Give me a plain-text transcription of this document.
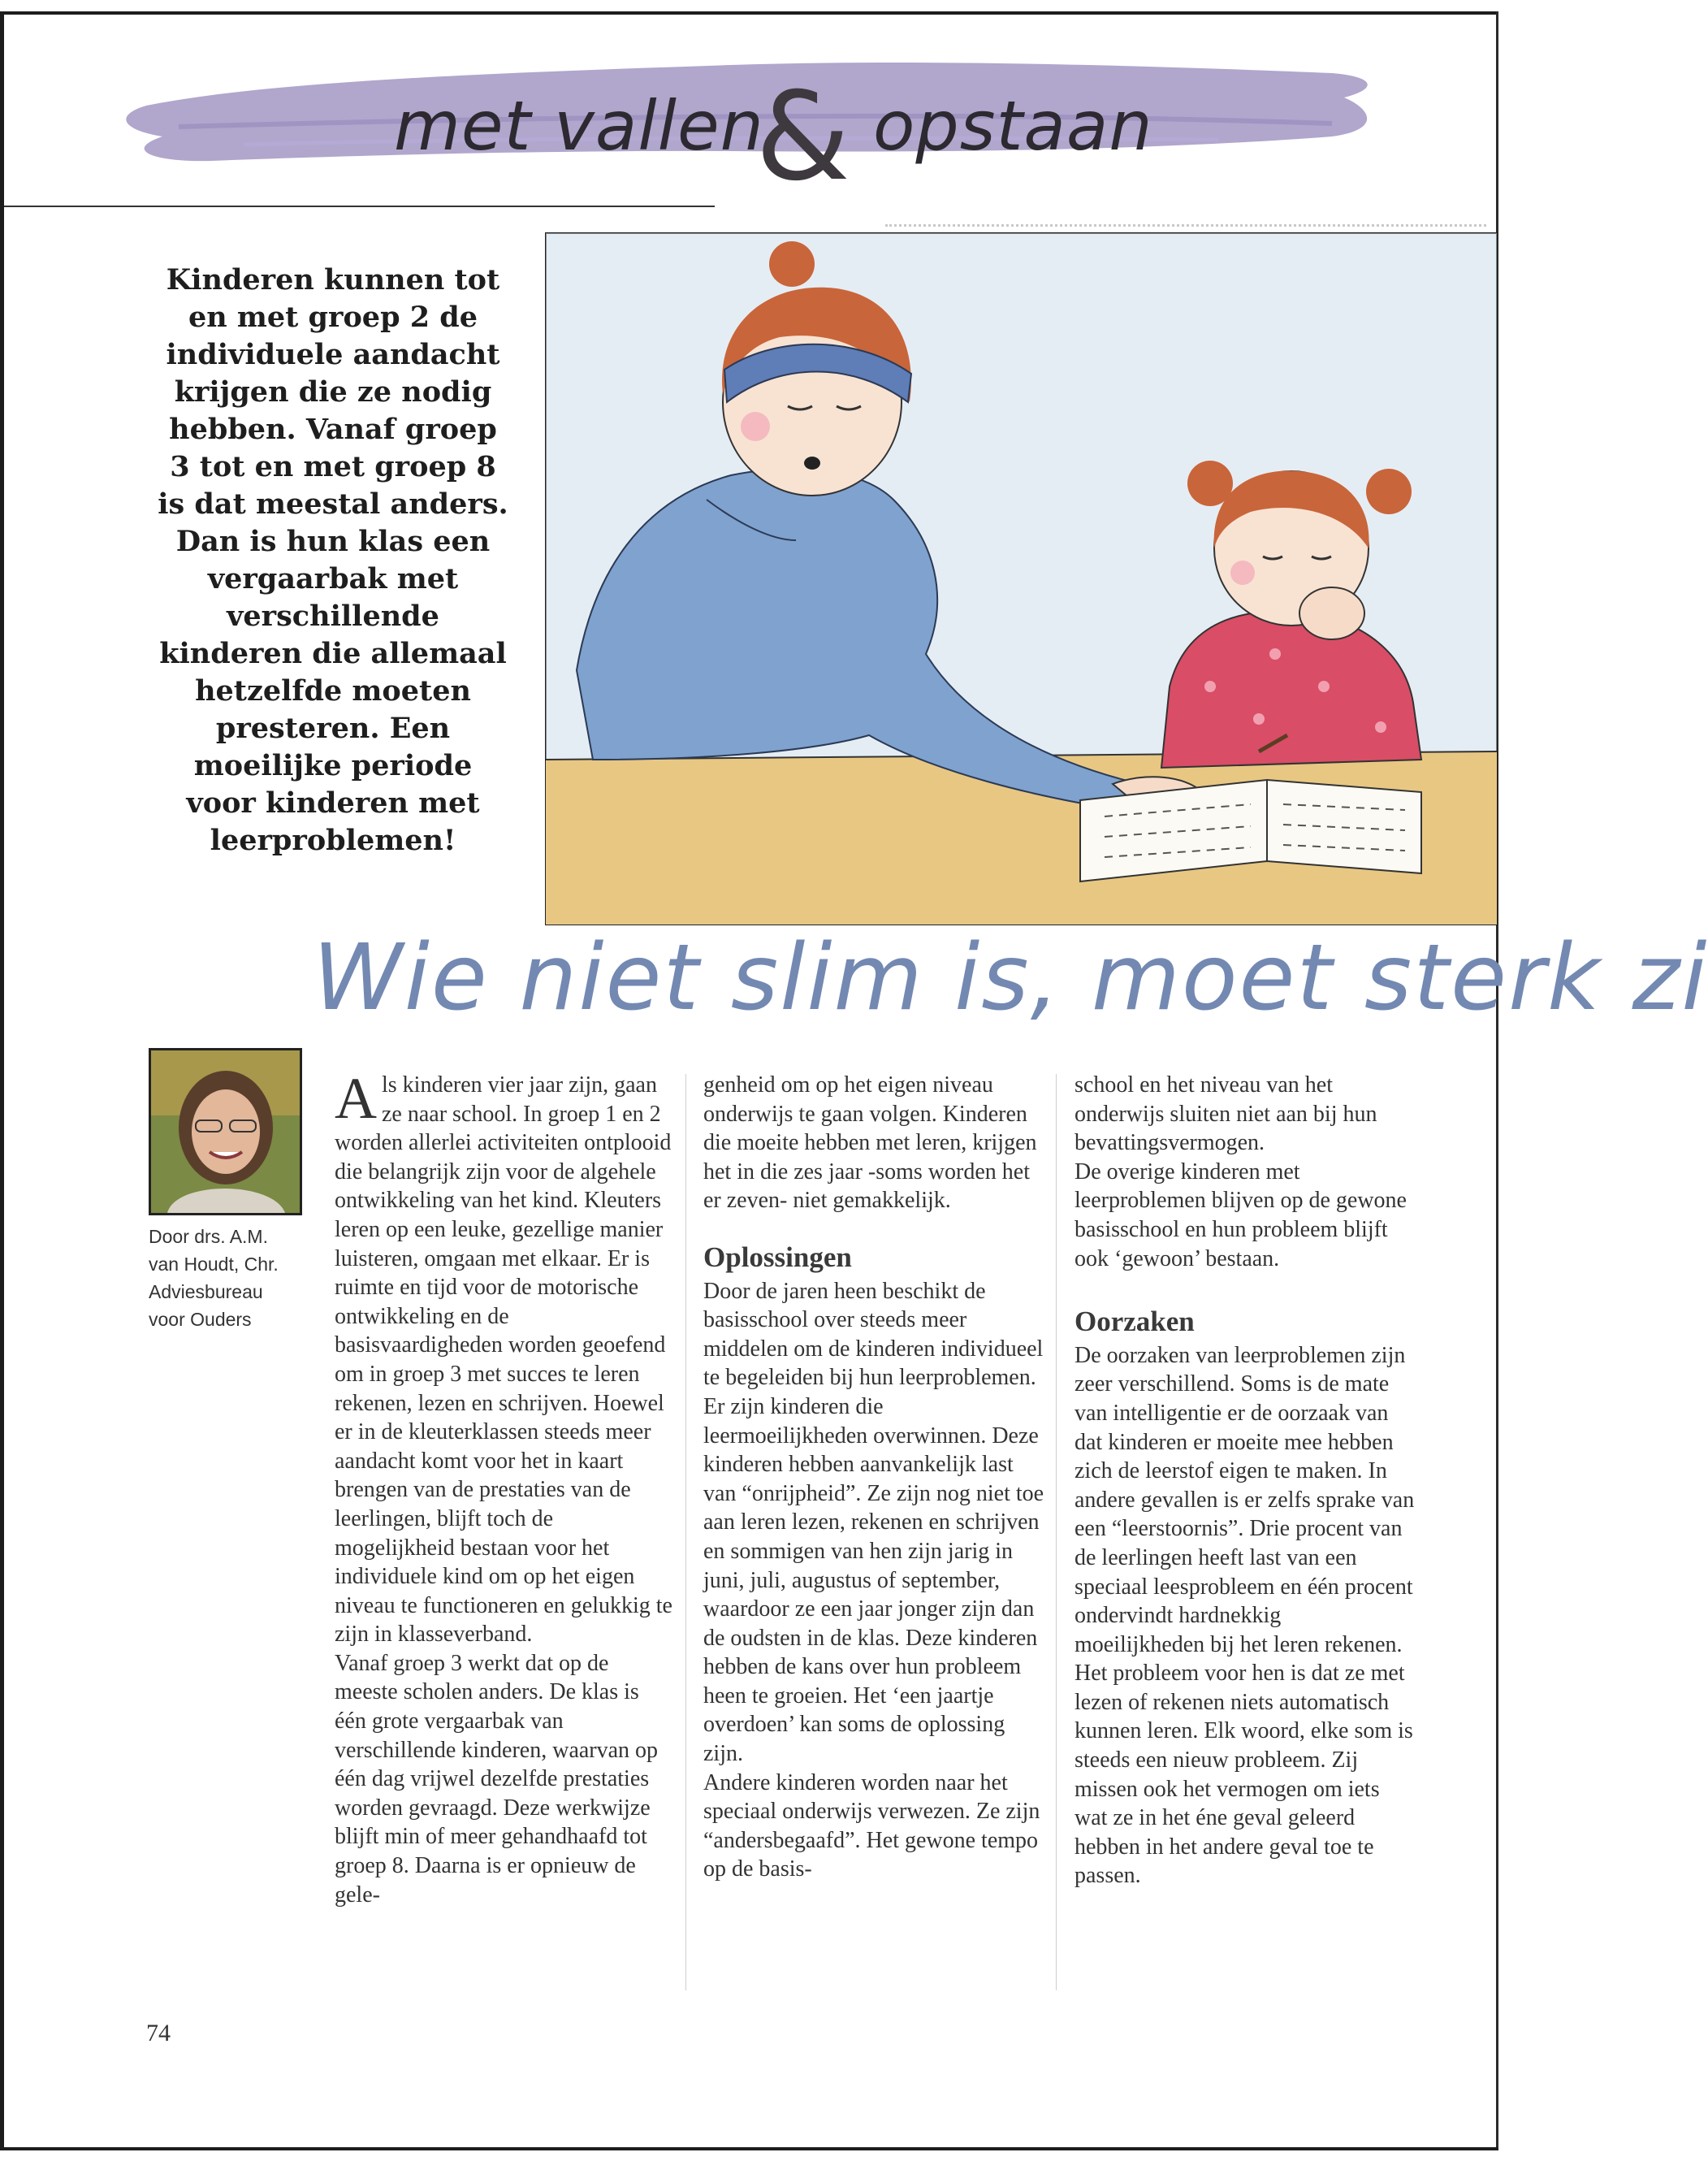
met vallen
& opstaan
Kinderen kunnen tot en met groep 2 de individuele aandacht krijgen die ze nodig hebben. Vanaf groep 3 tot en met groep 8 is dat meestal anders. Dan is hun klas een vergaarbak met verschillende kinderen die allemaal hetzelfde moeten presteren. Een moeilijke periode voor kinderen met leerproblemen!
Wie niet slim is, moet sterk zi
Door drs. A.M.
van Houdt, Chr.
Adviesbureau
voor Ouders

Als kinderen vier jaar zijn, gaan ze naar school. In groep 1 en 2 worden allerlei activiteiten ontplooid die belangrijk zijn voor de algehele ontwikkeling van het kind. Kleuters leren op een leuke, gezellige manier luisteren, omgaan met elkaar. Er is ruimte en tijd voor de motorische ontwikkeling en de basisvaardigheden worden geoefend om in groep 3 met succes te leren rekenen, lezen en schrijven. Hoewel er in de kleuterklassen steeds meer aandacht komt voor het in kaart brengen van de prestaties van de leerlingen, blijft toch de mogelijkheid bestaan voor het individuele kind om op het eigen niveau te functioneren en gelukkig te zijn in klasseverband.

Vanaf groep 3 werkt dat op de meeste scholen anders. De klas is één grote vergaarbak van verschillende kinderen, waarvan op één dag vrijwel dezelfde prestaties worden gevraagd. Deze werkwijze blijft min of meer gehandhaafd tot groep 8. Daarna is er opnieuw de gele-

genheid om op het eigen niveau onderwijs te gaan volgen. Kinderen die moeite hebben met leren, krijgen het in die zes jaar -soms worden het er zeven- niet gemakkelijk.

Oplossingen

Door de jaren heen beschikt de basisschool over steeds meer middelen om de kinderen individueel te begeleiden bij hun leerproblemen. Er zijn kinderen die leermoeilijkheden overwinnen. Deze kinderen hebben aanvankelijk last van “onrijpheid”. Ze zijn nog niet toe aan leren lezen, rekenen en schrijven en sommigen van hen zijn jarig in juni, juli, augustus of september, waardoor ze een jaar jonger zijn dan de oudsten in de klas. Deze kinderen hebben de kans over hun probleem heen te groeien. Het ‘een jaartje overdoen’ kan soms de oplossing zijn.

Andere kinderen worden naar het speciaal onderwijs verwezen. Ze zijn “andersbegaafd”. Het gewone tempo op de basis-

school en het niveau van het onderwijs sluiten niet aan bij hun bevattingsvermogen.

De overige kinderen met leerproblemen blijven op de gewone basisschool en hun probleem blijft ook ‘gewoon’ bestaan.

Oorzaken

De oorzaken van leerproblemen zijn zeer verschillend. Soms is de mate van intelligentie er de oorzaak van dat kinderen er moeite mee hebben zich de leerstof eigen te maken. In andere gevallen is er zelfs sprake van een “leerstoornis”. Drie procent van de leerlingen heeft last van een speciaal leesprobleem en één procent ondervindt hardnekkig moeilijkheden bij het leren rekenen. Het probleem voor hen is dat ze met lezen of rekenen niets automatisch kunnen leren. Elk woord, elke som is steeds een nieuw probleem. Zij missen ook het vermogen om iets wat ze in het éne geval geleerd hebben in het andere geval toe te passen.

74
